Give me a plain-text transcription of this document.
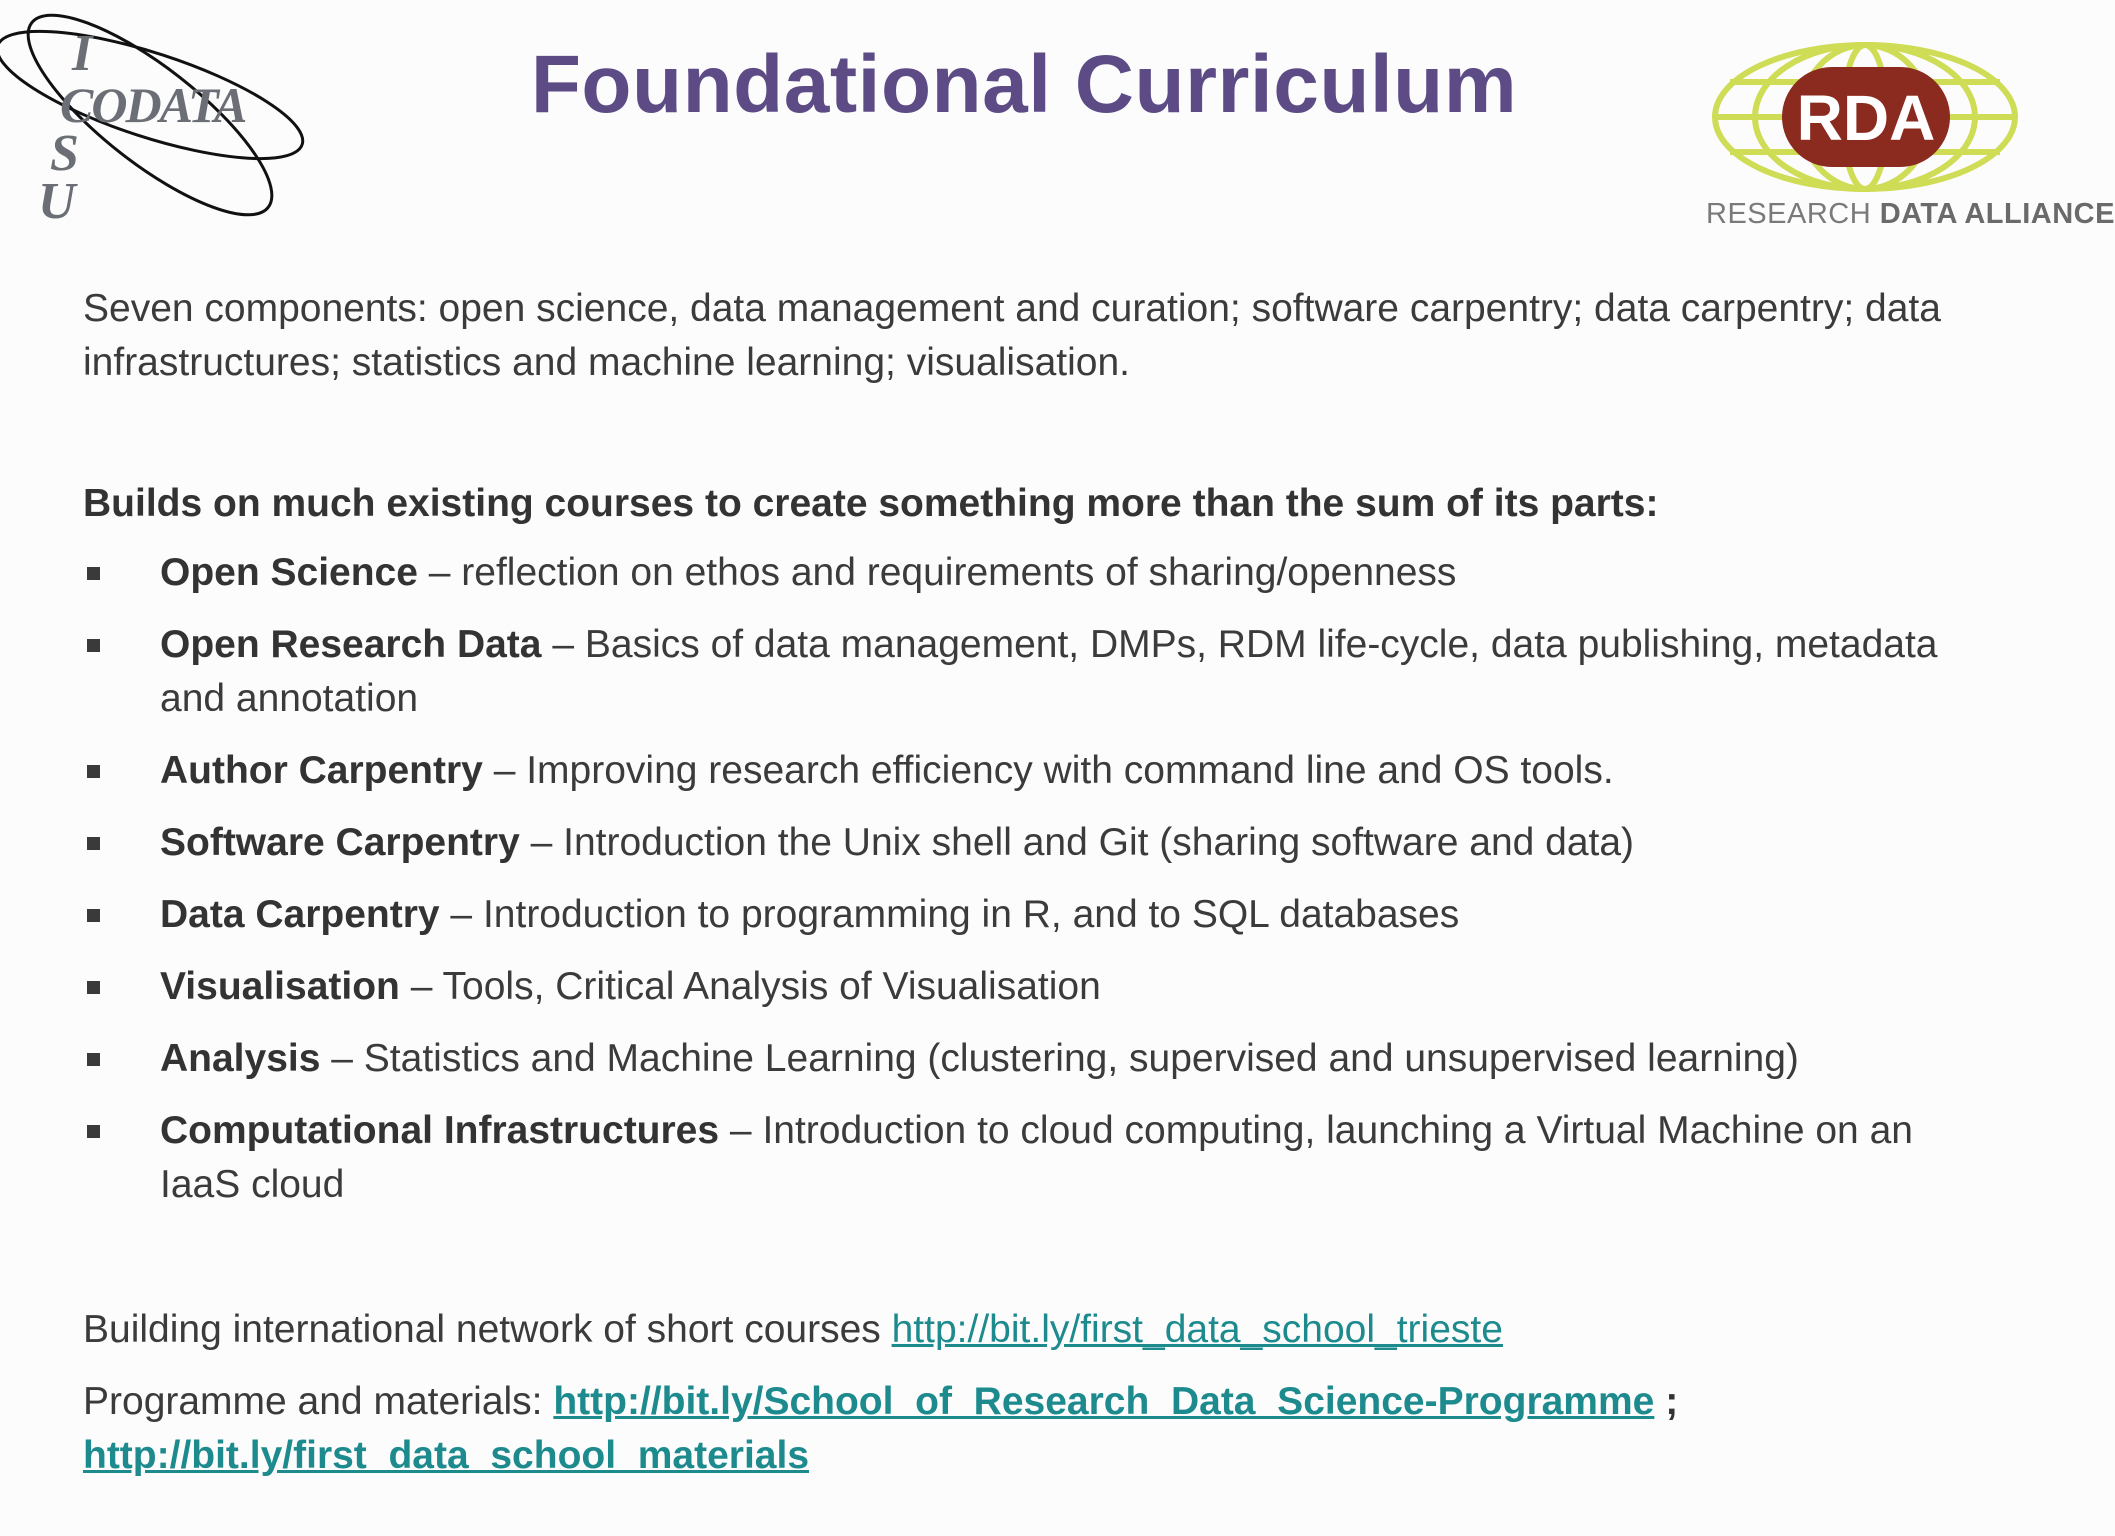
I
CODATA
S
U
RDA
RESEARCH DATA ALLIANCE
Foundational Curriculum

Seven components: open science, data management and curation; software carpentry; data carpentry; data infrastructures; statistics and machine learning; visualisation.

Builds on much existing courses to create something more than the sum of its parts:

Open Science – reflection on ethos and requirements of sharing/openness
Open Research Data – Basics of data management, DMPs, RDM life-cycle, data publishing, metadata and annotation
Author Carpentry – Improving research efficiency with command line and OS tools.
Software Carpentry – Introduction the Unix shell and Git (sharing software and data)
Data Carpentry – Introduction to programming in R, and to SQL databases
Visualisation – Tools, Critical Analysis of Visualisation
Analysis – Statistics and Machine Learning (clustering, supervised and unsupervised learning)
Computational Infrastructures – Introduction to cloud computing, launching a Virtual Machine on an IaaS cloud

Building international network of short courses http://bit.ly/first_data_school_trieste

Programme and materials: http://bit.ly/School_of_Research_Data_Science-Programme ;
http://bit.ly/first_data_school_materials
